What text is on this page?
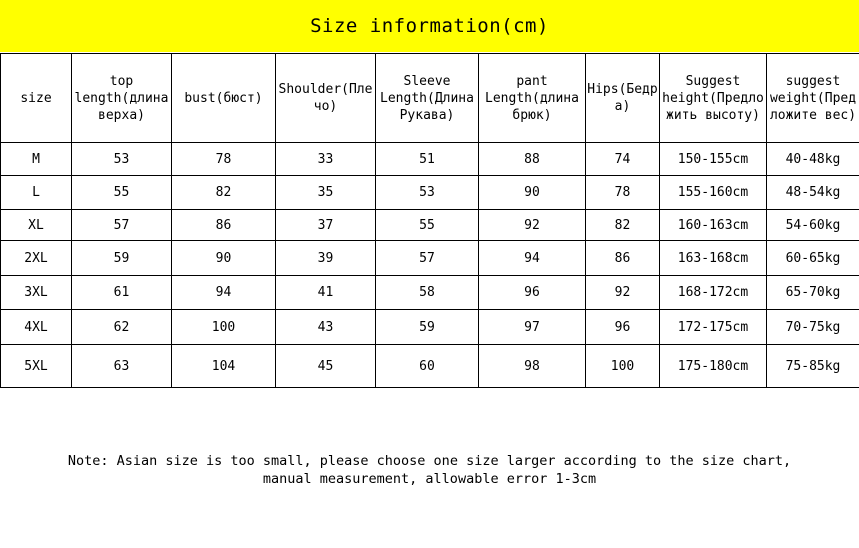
Size information(cm)
size	top length(длина верха)	bust(бюст)	Shoulder(Плечо)	Sleeve Length(Длина Рукава)	pant Length(длина брюк)	Hips(Бедра)	Suggest height(Предложить высоту)	suggest weight(Предложите вес)
M	53	78	33	51	88	74	150-155cm	40-48kg
L	55	82	35	53	90	78	155-160cm	48-54kg
XL	57	86	37	55	92	82	160-163cm	54-60kg
2XL	59	90	39	57	94	86	163-168cm	60-65kg
3XL	61	94	41	58	96	92	168-172cm	65-70kg
4XL	62	100	43	59	97	96	172-175cm	70-75kg
5XL	63	104	45	60	98	100	175-180cm	75-85kg
Note: Asian size is too small, please choose one size larger according to the size chart,
manual measurement, allowable error 1-3cm
